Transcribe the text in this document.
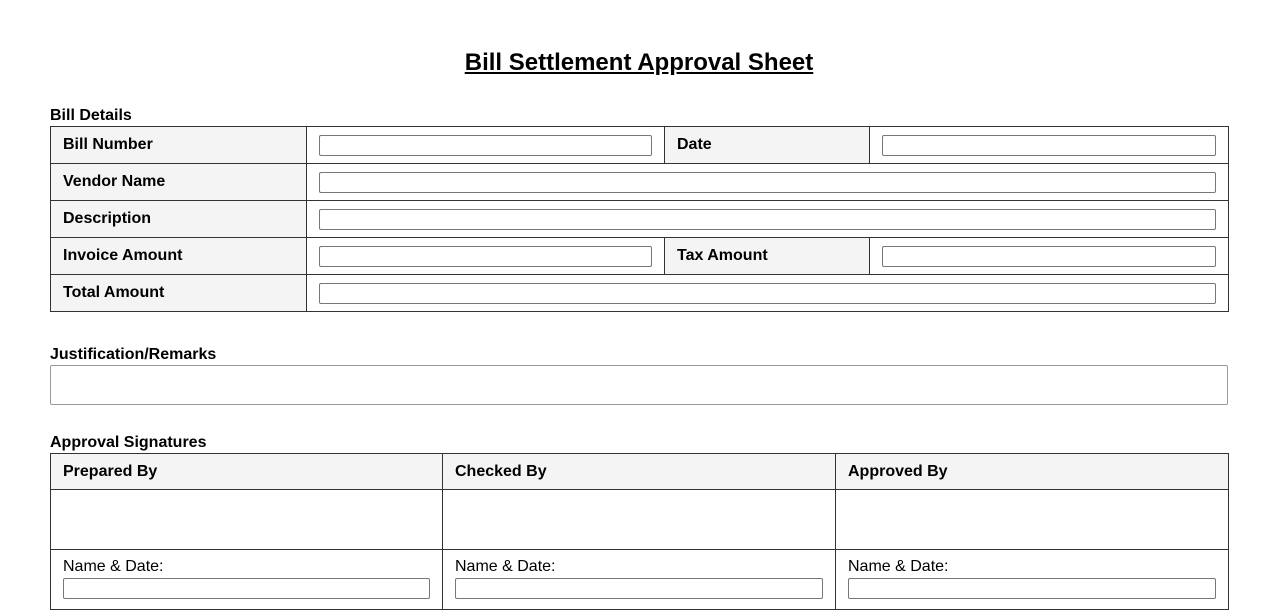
Bill Settlement Approval Sheet
Bill Details
Bill Number		Date	

Vendor Name	

Description	

Invoice Amount		Tax Amount	

Total Amount	
Justification/Remarks
Approval Signatures
Prepared By	Checked By	Approved By

Name & Date:	Name & Date:	Name & Date:
